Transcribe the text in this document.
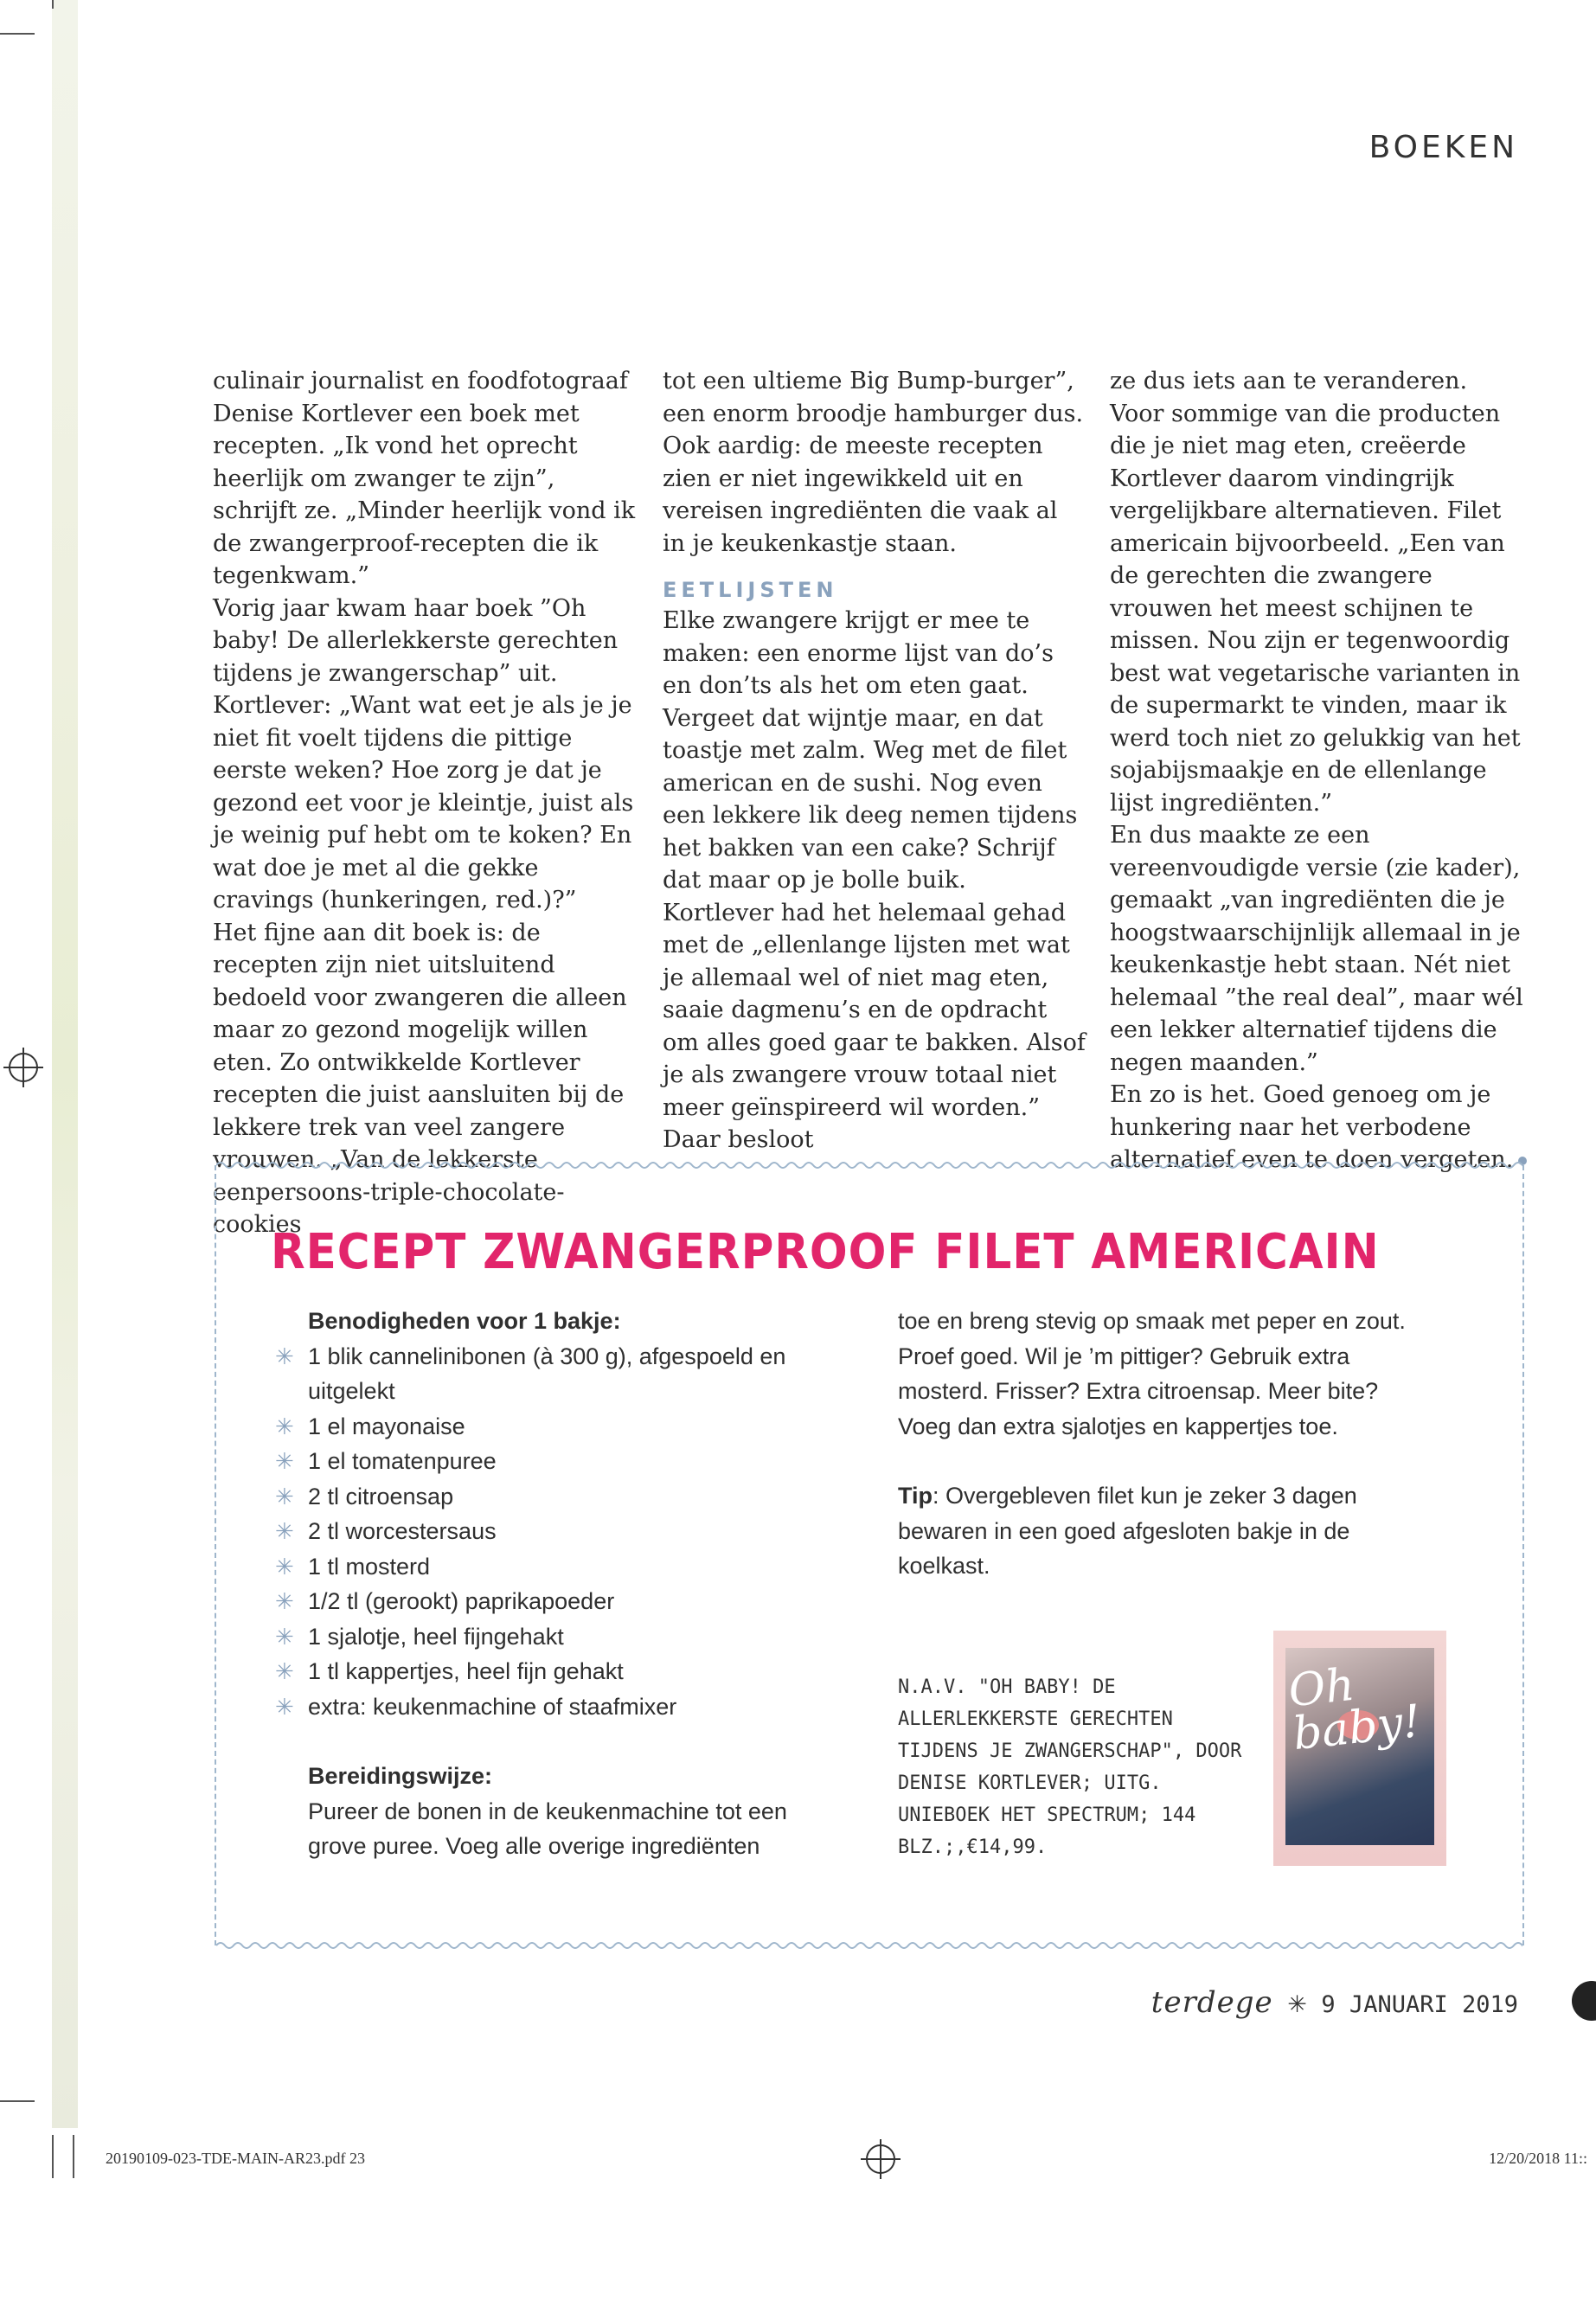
BOEKEN

culinair journalist en foodfotograaf Denise Kortlever een boek met recepten. „Ik vond het oprecht heerlijk om zwanger te zijn”, schrijft ze. „Minder heerlijk vond ik de zwangerproof-recepten die ik tegenkwam.”

Vorig jaar kwam haar boek ”Oh baby! De allerlekkerste gerechten tijdens je zwangerschap” uit. Kortlever: „Want wat eet je als je je niet fit voelt tijdens die pittige eerste weken? Hoe zorg je dat je gezond eet voor je kleintje, juist als je weinig puf hebt om te koken? En wat doe je met al die gekke cravings (hunkeringen, red.)?”

Het fijne aan dit boek is: de recepten zijn niet uitsluitend bedoeld voor zwangeren die alleen maar zo gezond mogelijk willen eten. Zo ontwikkelde Kortlever recepten die juist aansluiten bij de lekkere trek van veel zangere vrouwen. „Van de lekkerste eenpersoons-triple-chocolate-cookies

tot een ultieme Big Bump-burger”, een enorm broodje hamburger dus. Ook aardig: de meeste recepten zien er niet ingewikkeld uit en vereisen ingrediënten die vaak al in je keukenkastje staan.

EETLIJSTEN

Elke zwangere krijgt er mee te maken: een enorme lijst van do’s en don’ts als het om eten gaat. Vergeet dat wijntje maar, en dat toastje met zalm. Weg met de filet american en de sushi. Nog even een lekkere lik deeg nemen tijdens het bakken van een cake? Schrijf dat maar op je bolle buik.

Kortlever had het helemaal gehad met de „ellenlange lijsten met wat je allemaal wel of niet mag eten, saaie dagmenu’s en de opdracht om alles goed gaar te bakken. Alsof je als zwangere vrouw totaal niet meer geïnspireerd wil worden.” Daar besloot

ze dus iets aan te veranderen.

Voor sommige van die producten die je niet mag eten, creëerde Kortlever daarom vindingrijk vergelijkbare alternatieven. Filet americain bijvoorbeeld. „Een van de gerechten die zwangere vrouwen het meest schijnen te missen. Nou zijn er tegenwoordig best wat vegetarische varianten in de supermarkt te vinden, maar ik werd toch niet zo gelukkig van het sojabijsmaakje en de ellenlange lijst ingrediënten.”

En dus maakte ze een vereenvoudigde versie (zie kader), gemaakt „van ingrediënten die je hoogstwaarschijnlijk allemaal in je keukenkastje hebt staan. Nét niet helemaal ”the real deal”, maar wél een lekker alternatief tijdens die negen maanden.”

En zo is het. Goed genoeg om je hunkering naar het verbodene alternatief even te doen vergeten.

RECEPT ZWANGERPROOF FILET AMERICAIN
Benodigheden voor 1 bakje:
✳ 1 blik cannelinibonen (à 300 g), afgespoeld en uitgelekt
✳ 1 el mayonaise
✳ 1 el tomatenpuree
✳ 2 tl citroensap
✳ 2 tl worcestersaus
✳ 1 tl mosterd
✳ 1/2 tl (gerookt) paprikapoeder
✳ 1 sjalotje, heel fijngehakt
✳ 1 tl kappertjes, heel fijn gehakt
✳ extra: keukenmachine of staafmixer
Bereidingswijze:
Pureer de bonen in de keukenmachine tot een grove puree. Voeg alle overige ingrediënten
toe en breng stevig op smaak met peper en zout. Proef goed. Wil je ’m pittiger? Gebruik extra mosterd. Frisser? Extra citroensap. Meer bite? Voeg dan extra sjalotjes en kappertjes toe.
Tip: Overgebleven filet kun je zeker 3 dagen bewaren in een goed afgesloten bakje in de koelkast.
N.A.V. "OH BABY! DE ALLERLEKKERSTE GERECHTEN TIJDENS JE ZWANGERSCHAP", DOOR DENISE KORTLEVER; UITG. UNIEBOEK HET SPECTRUM; 144 BLZ.;,€14,99.
Oh baby!
terdege ✳ 9 JANUARI 2019
20190109-023-TDE-MAIN-AR23.pdf 23	12/20/2018 11::
